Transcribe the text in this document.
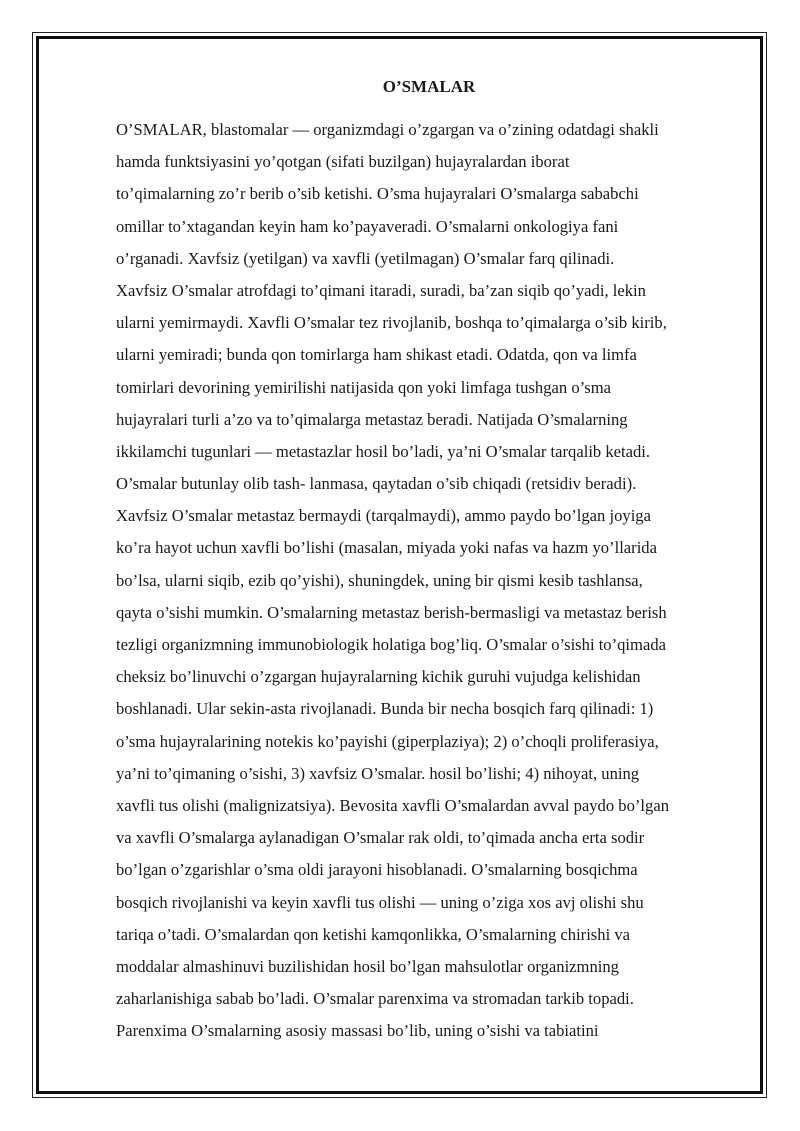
O’SMALAR
O’SMALAR, blastomalar — organizmdagi o’zgargan va o’zining odatdagi shakli
hamda funktsiyasini yo’qotgan (sifati buzilgan) hujayralardan iborat
to’qimalarning zo’r berib o’sib ketishi. O’sma hujayralari O’smalarga sababchi
omillar to’xtagandan keyin ham ko’payaveradi. O’smalarni onkologiya fani
o’rganadi. Xavfsiz (yetilgan) va xavfli (yetilmagan) O’smalar farq qilinadi.
Xavfsiz O’smalar atrofdagi to’qimani itaradi, suradi, ba’zan siqib qo’yadi, lekin
ularni yemirmaydi. Xavfli O’smalar tez rivojlanib, boshqa to’qimalarga o’sib kirib,
ularni yemiradi; bunda qon tomirlarga ham shikast etadi. Odatda, qon va limfa
tomirlari devorining yemirilishi natijasida qon yoki limfaga tushgan o’sma
hujayralari turli a’zo va to’qimalarga metastaz beradi. Natijada O’smalarning
ikkilamchi tugunlari — metastazlar hosil bo’ladi, ya’ni O’smalar tarqalib ketadi.
O’smalar butunlay olib tash- lanmasa, qaytadan o’sib chiqadi (retsidiv beradi).
Xavfsiz O’smalar metastaz bermaydi (tarqalmaydi), ammo paydo bo’lgan joyiga
ko’ra hayot uchun xavfli bo’lishi (masalan, miyada yoki nafas va hazm yo’llarida
bo’lsa, ularni siqib, ezib qo’yishi), shuningdek, uning bir qismi kesib tashlansa,
qayta o’sishi mumkin. O’smalarning metastaz berish-bermasligi va metastaz berish
tezligi organizmning immunobiologik holatiga bog’liq. O’smalar o’sishi to’qimada
cheksiz bo’linuvchi o’zgargan hujayralarning kichik guruhi vujudga kelishidan
boshlanadi. Ular sekin-asta rivojlanadi. Bunda bir necha bosqich farq qilinadi: 1)
o’sma hujayralarining notekis ko’payishi (giperplaziya); 2) o’choqli proliferasiya,
ya’ni to’qimaning o’sishi, 3) xavfsiz O’smalar. hosil bo’lishi; 4) nihoyat, uning
xavfli tus olishi (malignizatsiya). Bevosita xavfli O’smalardan avval paydo bo’lgan
va xavfli O’smalarga aylanadigan O’smalar rak oldi, to’qimada ancha erta sodir
bo’lgan o’zgarishlar o’sma oldi jarayoni hisoblanadi. O’smalarning bosqichma
bosqich rivojlanishi va keyin xavfli tus olishi — uning o’ziga xos avj olishi shu
tariqa o’tadi. O’smalardan qon ketishi kamqonlikka, O’smalarning chirishi va
moddalar almashinuvi buzilishidan hosil bo’lgan mahsulotlar organizmning
zaharlanishiga sabab bo’ladi. O’smalar parenxima va stromadan tarkib topadi.
Parenxima O’smalarning asosiy massasi bo’lib, uning o’sishi va tabiatini
